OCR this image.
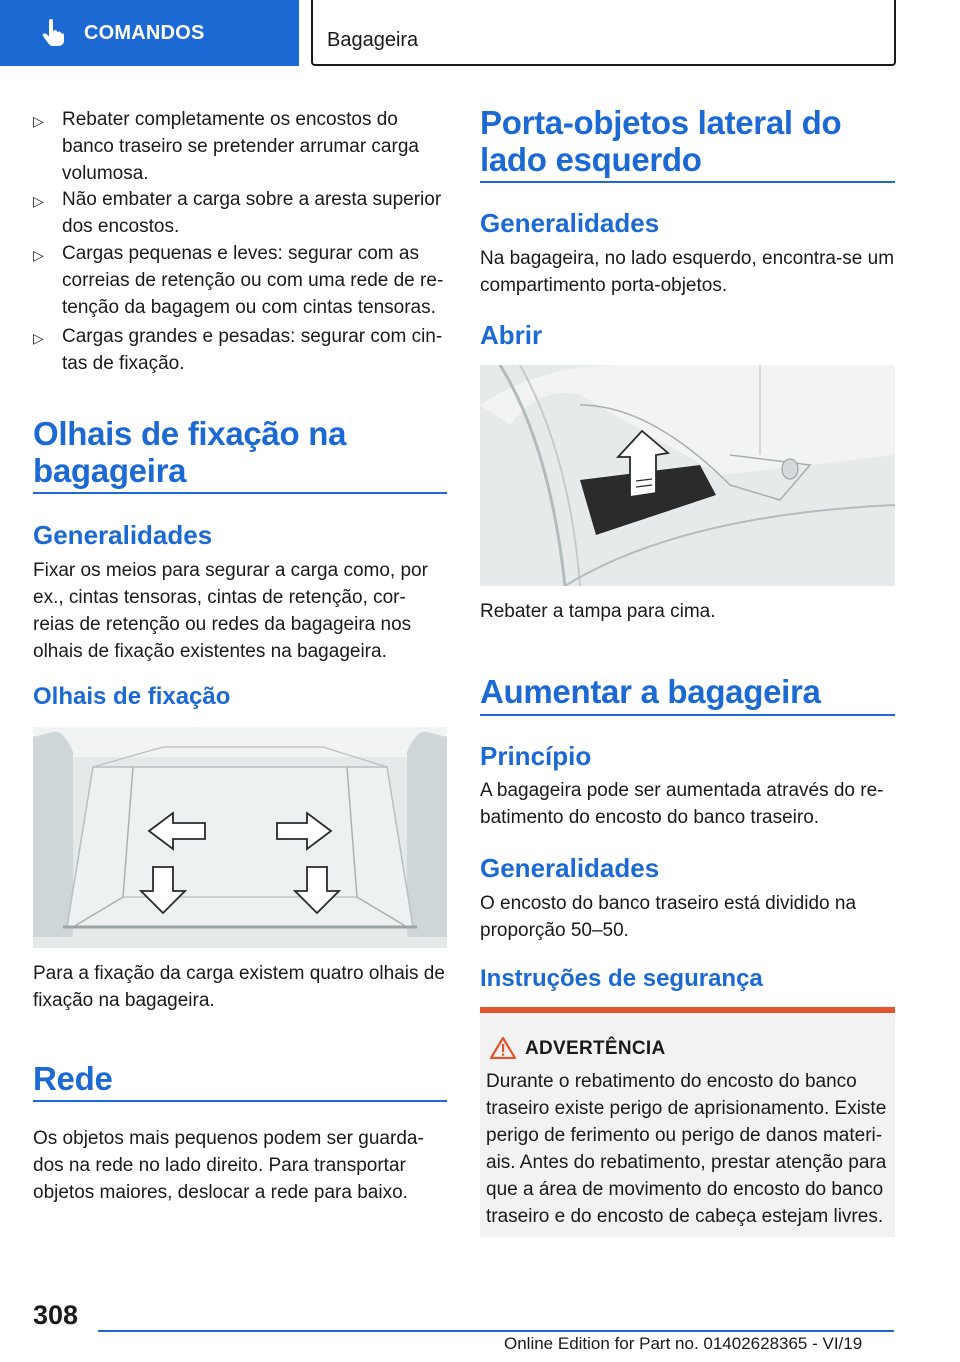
COMANDOS	Bagageira
▷ Rebater completamente os encostos do banco traseiro se pretender arrumar carga volumosa.
▷ Não embater a carga sobre a aresta superior dos encostos.
▷ Cargas pequenas e leves: segurar com as correias de retenção ou com uma rede de retenção da bagagem ou com cintas tensoras.
▷ Cargas grandes e pesadas: segurar com cintas de fixação.
Olhais de fixação na bagageira
Generalidades
Fixar os meios para segurar a carga como, por ex., cintas tensoras, cintas de retenção, correias de retenção ou redes da bagageira nos olhais de fixação existentes na bagageira.
Olhais de fixação
Para a fixação da carga existem quatro olhais de fixação na bagageira.
Rede
Os objetos mais pequenos podem ser guardados na rede no lado direito. Para transportar objetos maiores, deslocar a rede para baixo.
Porta-objetos lateral do lado esquerdo
Generalidades
Na bagageira, no lado esquerdo, encontra-se um compartimento porta-objetos.
Abrir
Rebater a tampa para cima.
Aumentar a bagageira
Princípio
A bagageira pode ser aumentada através do rebatimento do encosto do banco traseiro.
Generalidades
O encosto do banco traseiro está dividido na proporção 50–50.
Instruções de segurança
ADVERTÊNCIA
Durante o rebatimento do encosto do banco traseiro existe perigo de aprisionamento. Existe perigo de ferimento ou perigo de danos materiais. Antes do rebatimento, prestar atenção para que a área de movimento do encosto do banco traseiro e do encosto de cabeça estejam livres.
308
Online Edition for Part no. 01402628365 - VI/19
